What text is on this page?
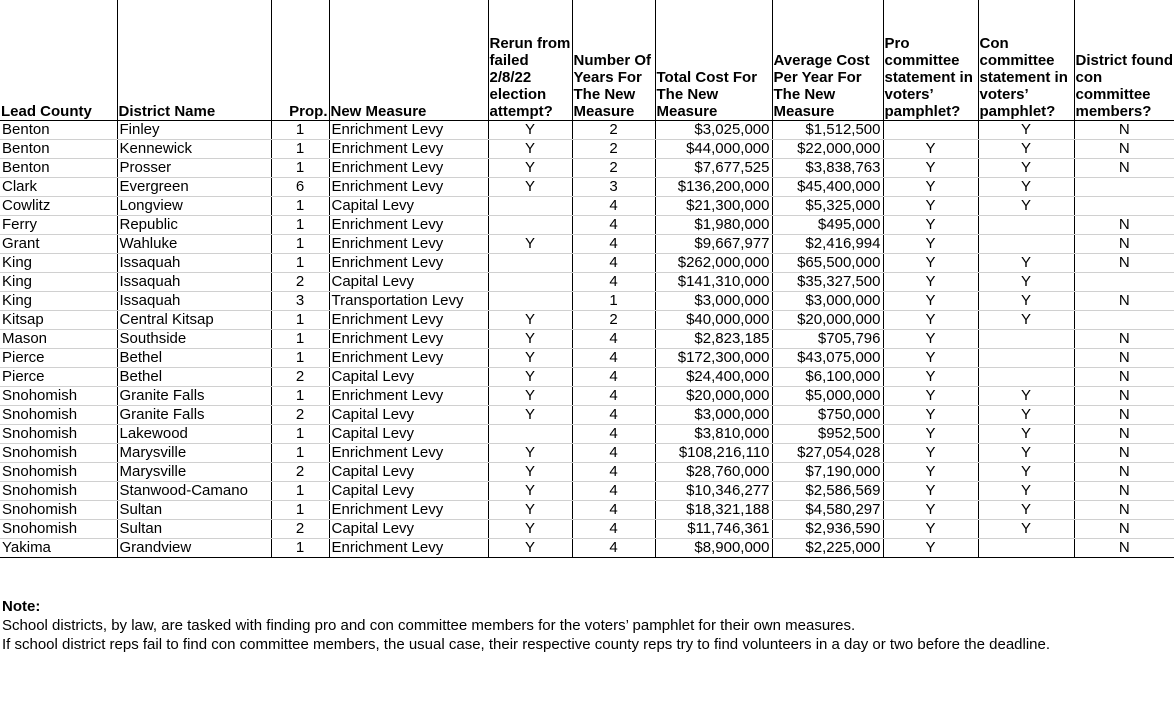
Lead County	District Name	Prop.	New Measure	Rerun from failed 2/8/22 election attempt?	Number Of Years For The New Measure	Total Cost For The New Measure	Average Cost Per Year For The New Measure	Pro committee statement in voters’ pamphlet?	Con committee statement in voters’ pamphlet?	District found con committee members?
Benton	Finley	1	Enrichment Levy	Y	2	$3,025,000	$1,512,500		Y	N
Benton	Kennewick	1	Enrichment Levy	Y	2	$44,000,000	$22,000,000	Y	Y	N
Benton	Prosser	1	Enrichment Levy	Y	2	$7,677,525	$3,838,763	Y	Y	N
Clark	Evergreen	6	Enrichment Levy	Y	3	$136,200,000	$45,400,000	Y	Y	
Cowlitz	Longview	1	Capital Levy		4	$21,300,000	$5,325,000	Y	Y	
Ferry	Republic	1	Enrichment Levy		4	$1,980,000	$495,000	Y		N
Grant	Wahluke	1	Enrichment Levy	Y	4	$9,667,977	$2,416,994	Y		N
King	Issaquah	1	Enrichment Levy		4	$262,000,000	$65,500,000	Y	Y	N
King	Issaquah	2	Capital Levy		4	$141,310,000	$35,327,500	Y	Y	
King	Issaquah	3	Transportation Levy		1	$3,000,000	$3,000,000	Y	Y	N
Kitsap	Central Kitsap	1	Enrichment Levy	Y	2	$40,000,000	$20,000,000	Y	Y	
Mason	Southside	1	Enrichment Levy	Y	4	$2,823,185	$705,796	Y		N
Pierce	Bethel	1	Enrichment Levy	Y	4	$172,300,000	$43,075,000	Y		N
Pierce	Bethel	2	Capital Levy	Y	4	$24,400,000	$6,100,000	Y		N
Snohomish	Granite Falls	1	Enrichment Levy	Y	4	$20,000,000	$5,000,000	Y	Y	N
Snohomish	Granite Falls	2	Capital Levy	Y	4	$3,000,000	$750,000	Y	Y	N
Snohomish	Lakewood	1	Capital Levy		4	$3,810,000	$952,500	Y	Y	N
Snohomish	Marysville	1	Enrichment Levy	Y	4	$108,216,110	$27,054,028	Y	Y	N
Snohomish	Marysville	2	Capital Levy	Y	4	$28,760,000	$7,190,000	Y	Y	N
Snohomish	Stanwood-Camano	1	Capital Levy	Y	4	$10,346,277	$2,586,569	Y	Y	N
Snohomish	Sultan	1	Enrichment Levy	Y	4	$18,321,188	$4,580,297	Y	Y	N
Snohomish	Sultan	2	Capital Levy	Y	4	$11,746,361	$2,936,590	Y	Y	N
Yakima	Grandview	1	Enrichment Levy	Y	4	$8,900,000	$2,225,000	Y		N
Note:
School districts, by law, are tasked with finding pro and con committee members for the voters’ pamphlet for their own measures.
If school district reps fail to find con committee members, the usual case, their respective county reps try to find volunteers in a day or two before the deadline.
